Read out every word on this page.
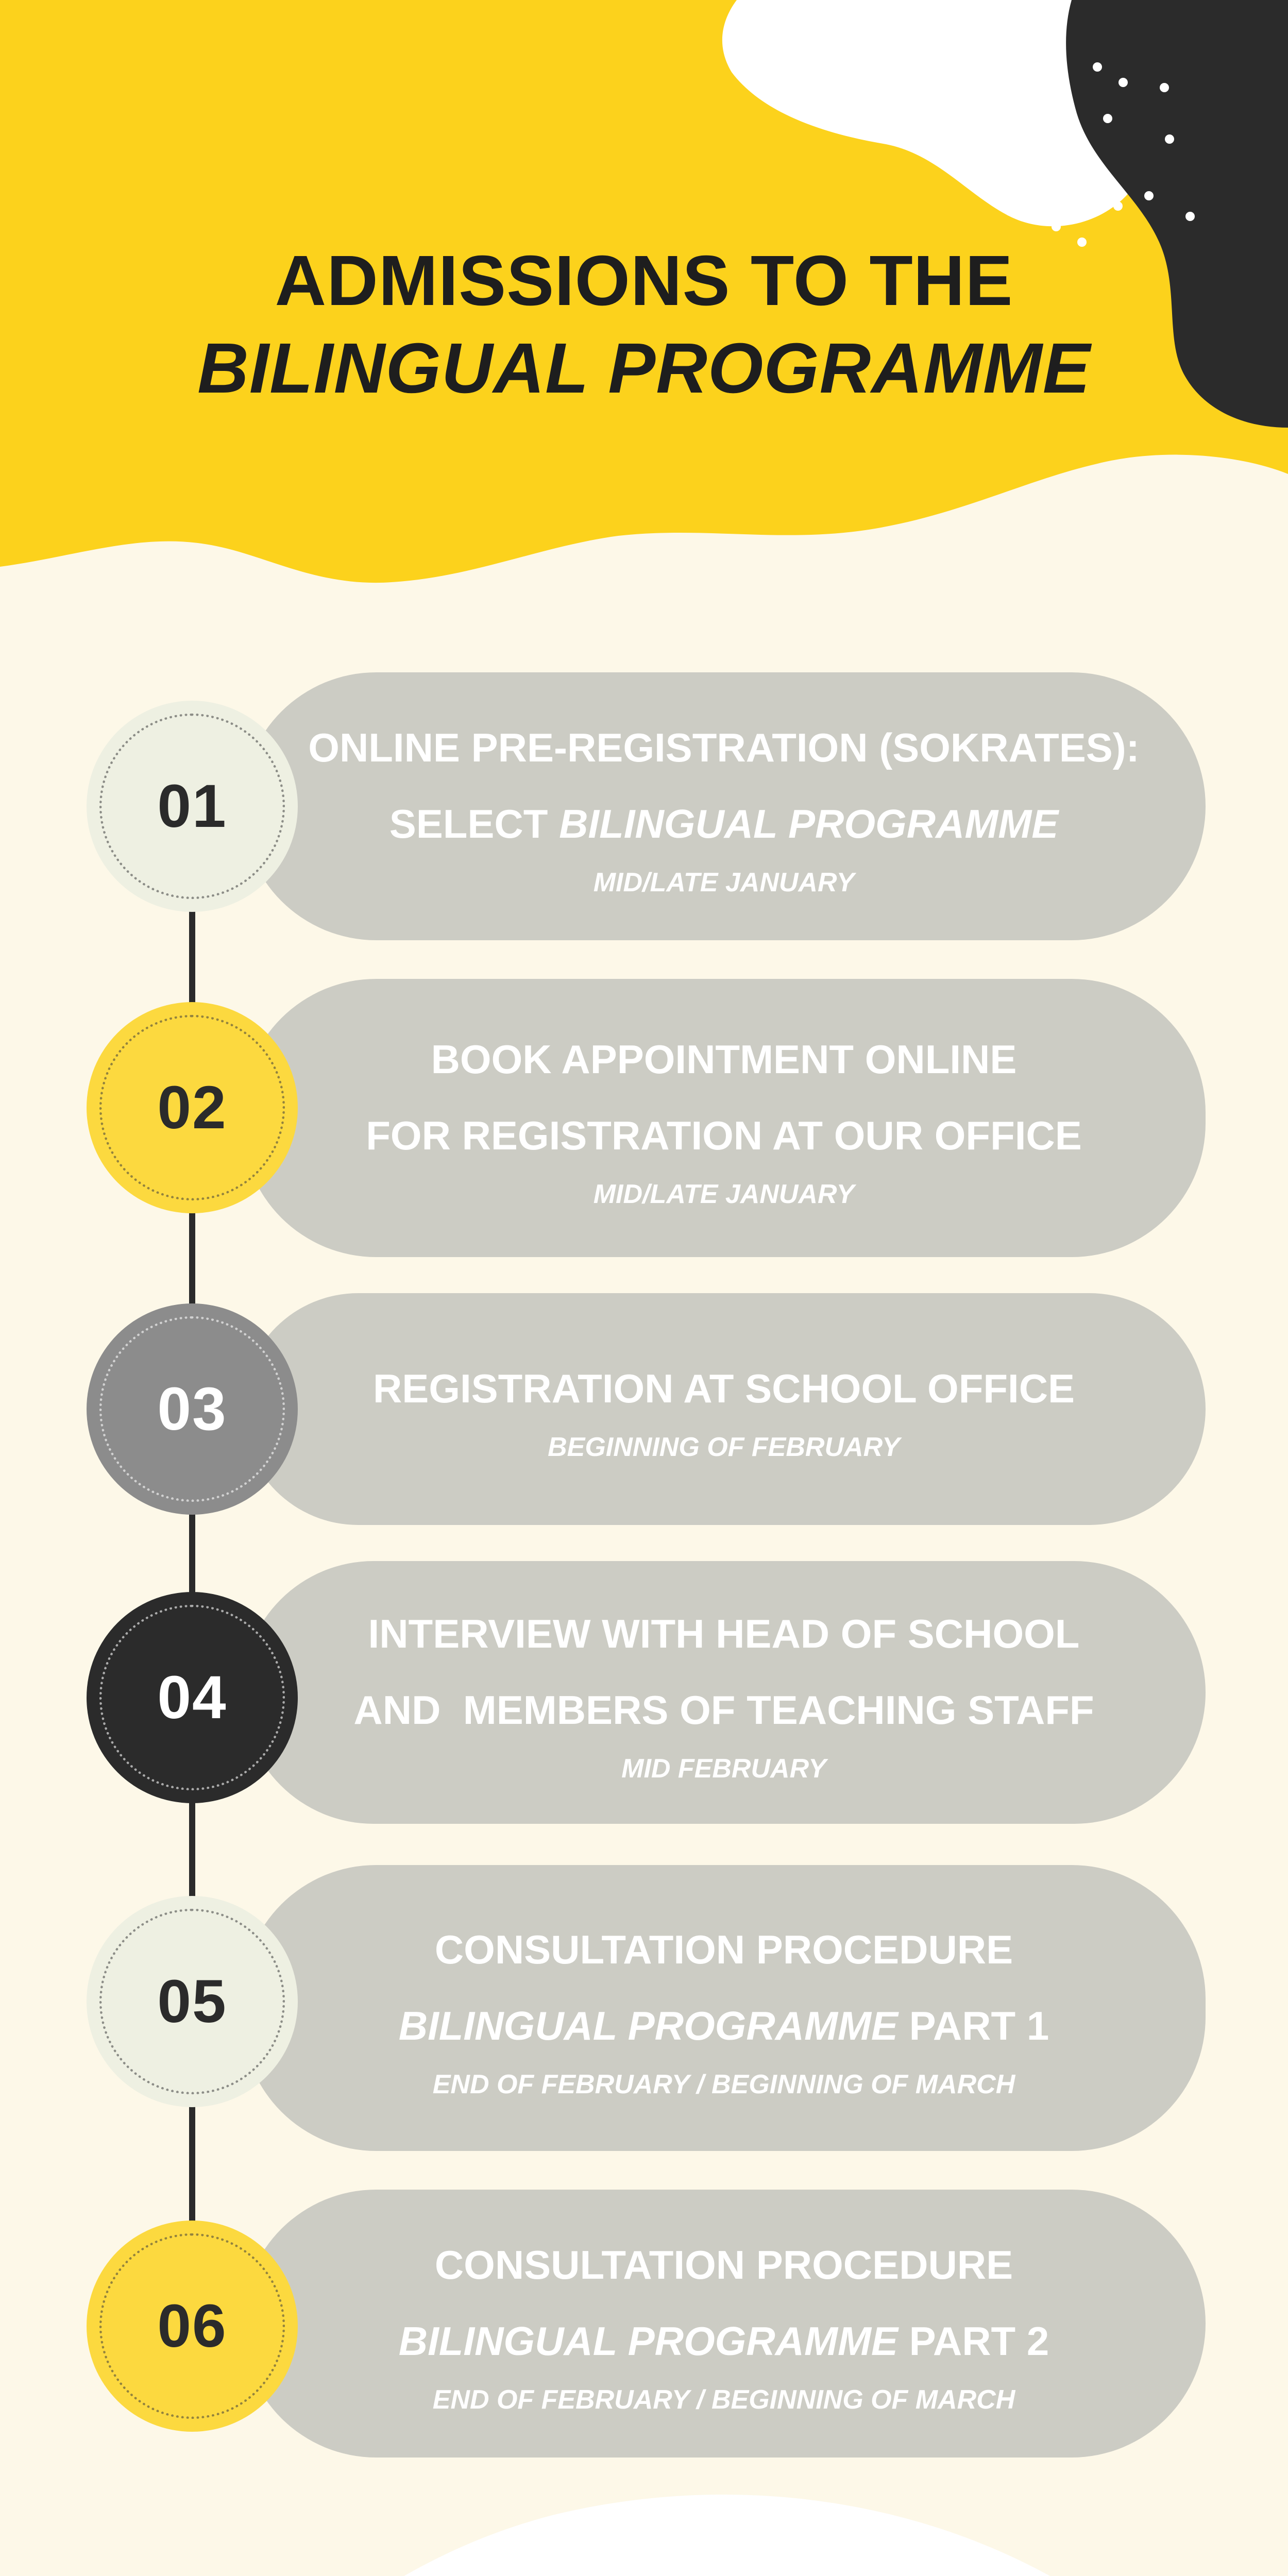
ADMISSIONS TO THE
BILINGUAL PROGRAMME
ONLINE PRE-REGISTRATION (SOKRATES):
SELECT BILINGUAL PROGRAMME
MID/LATE JANUARY
01
BOOK APPOINTMENT ONLINE
FOR REGISTRATION AT OUR OFFICE
MID/LATE JANUARY
02
REGISTRATION AT SCHOOL OFFICE
BEGINNING OF FEBRUARY
03
INTERVIEW WITH HEAD OF SCHOOL
AND  MEMBERS OF TEACHING STAFF
MID FEBRUARY
04
CONSULTATION PROCEDURE
BILINGUAL PROGRAMME PART 1
END OF FEBRUARY / BEGINNING OF MARCH
05
CONSULTATION PROCEDURE
BILINGUAL PROGRAMME PART 2
END OF FEBRUARY / BEGINNING OF MARCH
06
